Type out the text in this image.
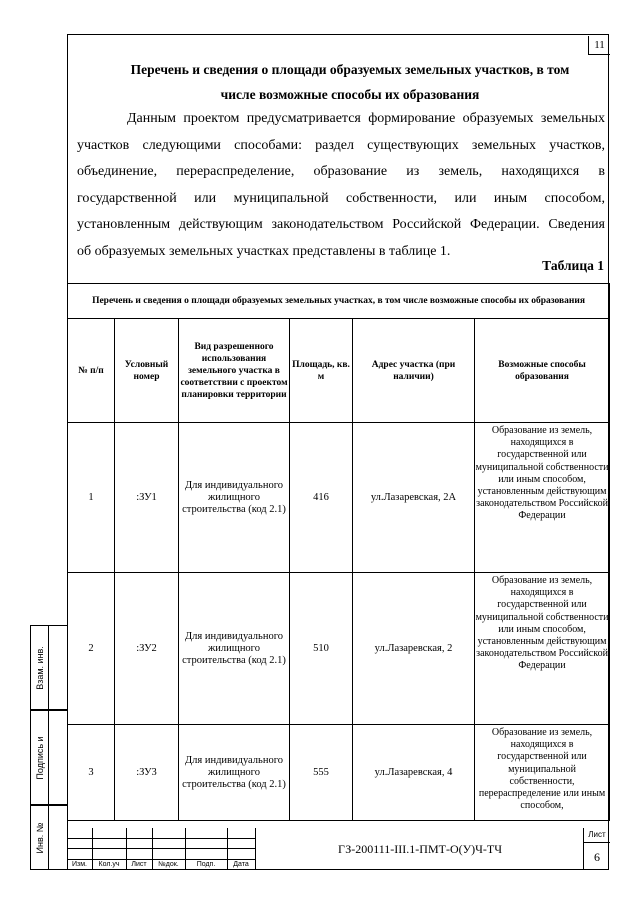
11
Перечень и сведения о площади образуемых земельных участков, в том
числе возможные способы их образования
Данным проектом предусматривается формирование образуемых земельных
участков следующими способами: раздел существующих земельных участков,
объединение, перераспределение, образование из земель, находящихся в
государственной или муниципальной собственности, или иным способом,
установленным действующим законодательством Российской Федерации. Сведения
об образуемых земельных участках представлены в таблице 1.
Таблица 1
Перечень и сведения о площади образуемых земельных участках, в том числе возможные способы их образования					
№ п/п	Условный номер	Вид разрешенного использования земельного участка в соответствии с проектом планировки территории	Площадь, кв. м	Адрес участка (при наличии)	Возможные способы образования
1	:ЗУ1	Для индивидуального жилищного строительства (код 2.1)	416	ул.Лазаревская, 2А	Образование из земель, находящихся в государственной или муниципальной собственности или иным способом, установленным действующим законодательством Российской Федерации
2	:ЗУ2	Для индивидуального жилищного строительства (код 2.1)	510	ул.Лазаревская, 2	Образование из земель, находящихся в государственной или муниципальной собственности или иным способом, установленным действующим законодательством Российской Федерации
3	:ЗУ3	Для индивидуального жилищного строительства (код 2.1)	555	ул.Лазаревская, 4	Образование из земель, находящихся в государственной или муниципальной собственности, перераспределение или иным способом,
Взам. инв.
Подпись и
Инв. №
Изм.	Кол.уч	Лист	№док.	Подп.	Дата
ГЗ-200111-III.1-ПМТ-О(У)Ч-ТЧ
Лист
6
